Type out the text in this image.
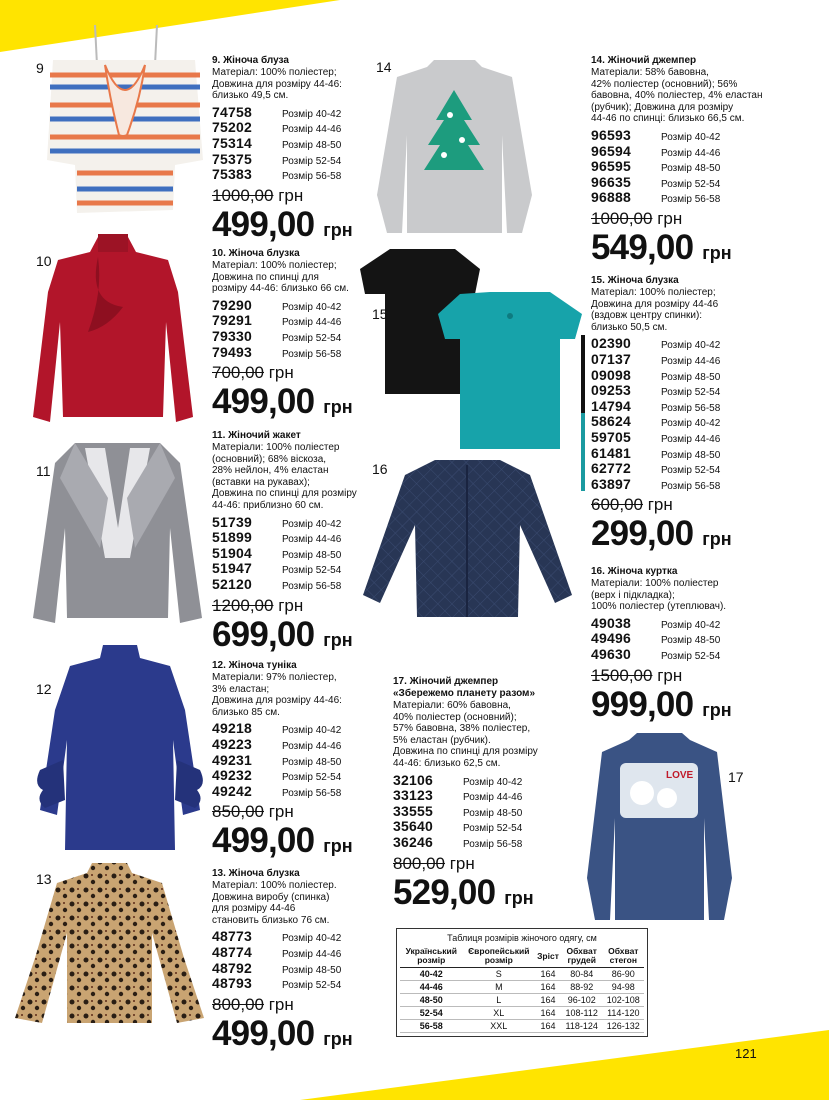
LOVE
9
10
11
12
13
14
15
16
17
9. Жіноча блуза
Матеріал: 100% поліестер;
Довжина для розміру 44-46:
близько 49,5 см.
74758	Розмір 40-42
75202	Розмір 44-46
75314	Розмір 48-50
75375	Розмір 52-54
75383	Розмір 56-58
1000,00 грн
499,00 грн
10. Жіноча блузка
Матеріал: 100% поліестер;
Довжина по спинці для
розміру 44-46: близько 66 см.
79290	Розмір 40-42
79291	Розмір 44-46
79330	Розмір 52-54
79493	Розмір 56-58
700,00 грн
499,00 грн
11. Жіночий жакет
Матеріали: 100% поліестер
(основний); 68% віскоза,
28% нейлон, 4% еластан
(вставки на рукавах);
Довжина по спинці для розміру
44-46: приблизно 60 см.
51739	Розмір 40-42
51899	Розмір 44-46
51904	Розмір 48-50
51947	Розмір 52-54
52120	Розмір 56-58
1200,00 грн
699,00 грн
12. Жіноча туніка
Матеріали: 97% поліестер,
3% еластан;
Довжина для розміру 44-46:
близько 85 см.
49218	Розмір 40-42
49223	Розмір 44-46
49231	Розмір 48-50
49232	Розмір 52-54
49242	Розмір 56-58
850,00 грн
499,00 грн
13. Жіноча блузка
Матеріал: 100% поліестер.
Довжина виробу (спинка)
для розміру 44-46
становить близько 76 см.
48773	Розмір 40-42
48774	Розмір 44-46
48792	Розмір 48-50
48793	Розмір 52-54
800,00 грн
499,00 грн
14. Жіночий джемпер
Матеріали: 58% бавовна,
42% поліестер (основний); 56%
бавовна, 40% поліестер, 4% еластан
(рубчик); Довжина для розміру
44-46 по спинці: близько 66,5 см.
96593	Розмір 40-42
96594	Розмір 44-46
96595	Розмір 48-50
96635	Розмір 52-54
96888	Розмір 56-58
1000,00 грн
549,00 грн
15. Жіноча блузка
Матеріал: 100% поліестер;
Довжина для розміру 44-46
(вздовж центру спинки):
близько 50,5 см.
02390	Розмір 40-42
07137	Розмір 44-46
09098	Розмір 48-50
09253	Розмір 52-54
14794	Розмір 56-58
58624	Розмір 40-42
59705	Розмір 44-46
61481	Розмір 48-50
62772	Розмір 52-54
63897	Розмір 56-58
600,00 грн
299,00 грн
16. Жіноча куртка
Матеріали: 100% поліестер
(верх і підкладка);
100% поліестер (утеплювач).
49038	Розмір 40-42
49496	Розмір 48-50
49630	Розмір 52-54
1500,00 грн
999,00 грн
17. Жіночий джемпер
«Збережемо планету разом»
Матеріали: 60% бавовна,
40% поліестер (основний);
57% бавовна, 38% поліестер,
5% еластан (рубчик).
Довжина по спинці для розміру
44-46: близько 62,5 см.
32106	Розмір 40-42
33123	Розмір 44-46
33555	Розмір 48-50
35640	Розмір 52-54
36246	Розмір 56-58
800,00 грн
529,00 грн
Таблиця розмірів жіночого одягу, см
Український розмір	Європейський розмір	Зріст	Обхват грудей	Обхват стегон
40-42	S	164	80-84	86-90
44-46	M	164	88-92	94-98
48-50	L	164	96-102	102-108
52-54	XL	164	108-112	114-120
56-58	XXL	164	118-124	126-132
121
